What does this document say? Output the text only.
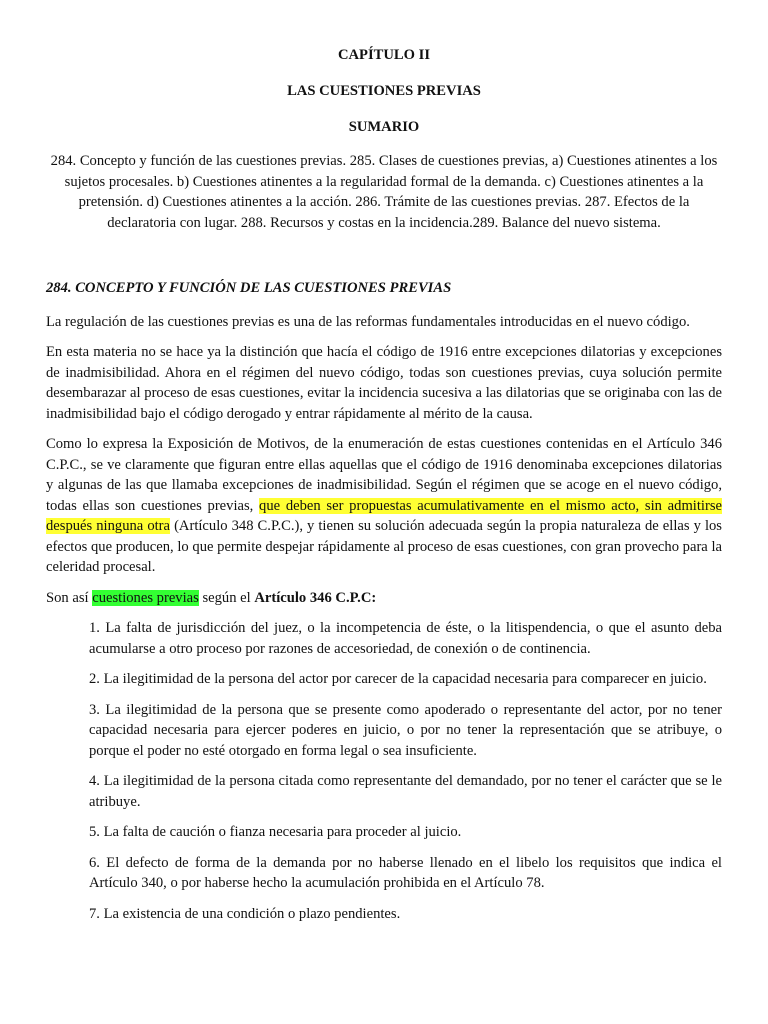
CAPÍTULO II

LAS CUESTIONES PREVIAS

SUMARIO

284. Concepto y función de las cuestiones previas. 285. Clases de cuestiones previas, a) Cuestiones atinentes a los sujetos procesales. b) Cuestiones atinentes a la regularidad formal de la demanda. c) Cuestiones atinentes a la pretensión. d) Cuestiones atinentes a la acción. 286. Trámite de las cuestiones previas. 287. Efectos de la declaratoria con lugar. 288. Recursos y costas en la incidencia.289. Balance del nuevo sistema.

284. CONCEPTO Y FUNCIÓN DE LAS CUESTIONES PREVIAS

La regulación de las cuestiones previas es una de las reformas fundamentales introducidas en el nuevo código.

En esta materia no se hace ya la distinción que hacía el código de 1916 entre excepciones dilatorias y excepciones de inadmisibilidad. Ahora en el régimen del nuevo código, todas son cuestiones previas, cuya solución permite desembarazar al proceso de esas cuestiones, evitar la incidencia sucesiva a las dilatorias que se originaba con las de inadmisibilidad bajo el código derogado y entrar rápidamente al mérito de la causa.

Como lo expresa la Exposición de Motivos, de la enumeración de estas cuestiones contenidas en el Artículo 346 C.P.C., se ve claramente que figuran entre ellas aquellas que el código de 1916 denominaba excepciones dilatorias y algunas de las que llamaba excepciones de inadmisibilidad. Según el régimen que se acoge en el nuevo código, todas ellas son cuestiones previas, que deben ser propuestas acumulativamente en el mismo acto, sin admitirse después ninguna otra (Artículo 348 C.P.C.), y tienen su solución adecuada según la propia naturaleza de ellas y los efectos que producen, lo que permite despejar rápidamente al proceso de esas cuestiones, con gran provecho para la celeridad procesal.

Son así cuestiones previas según el Artículo 346 C.P.C:

1. La falta de jurisdicción del juez, o la incompetencia de éste, o la litispendencia, o que el asunto deba acumularse a otro proceso por razones de accesoriedad, de conexión o de continencia.

2. La ilegitimidad de la persona del actor por carecer de la capacidad necesaria para comparecer en juicio.

3. La ilegitimidad de la persona que se presente como apoderado o representante del actor, por no tener capacidad necesaria para ejercer poderes en juicio, o por no tener la representación que se atribuye, o porque el poder no esté otorgado en forma legal o sea insuficiente.

4. La ilegitimidad de la persona citada como representante del demandado, por no tener el carácter que se le atribuye.

5. La falta de caución o fianza necesaria para proceder al juicio.

6. El defecto de forma de la demanda por no haberse llenado en el libelo los requisitos que indica el Artículo 340, o por haberse hecho la acumulación prohibida en el Artículo 78.

7. La existencia de una condición o plazo pendientes.
